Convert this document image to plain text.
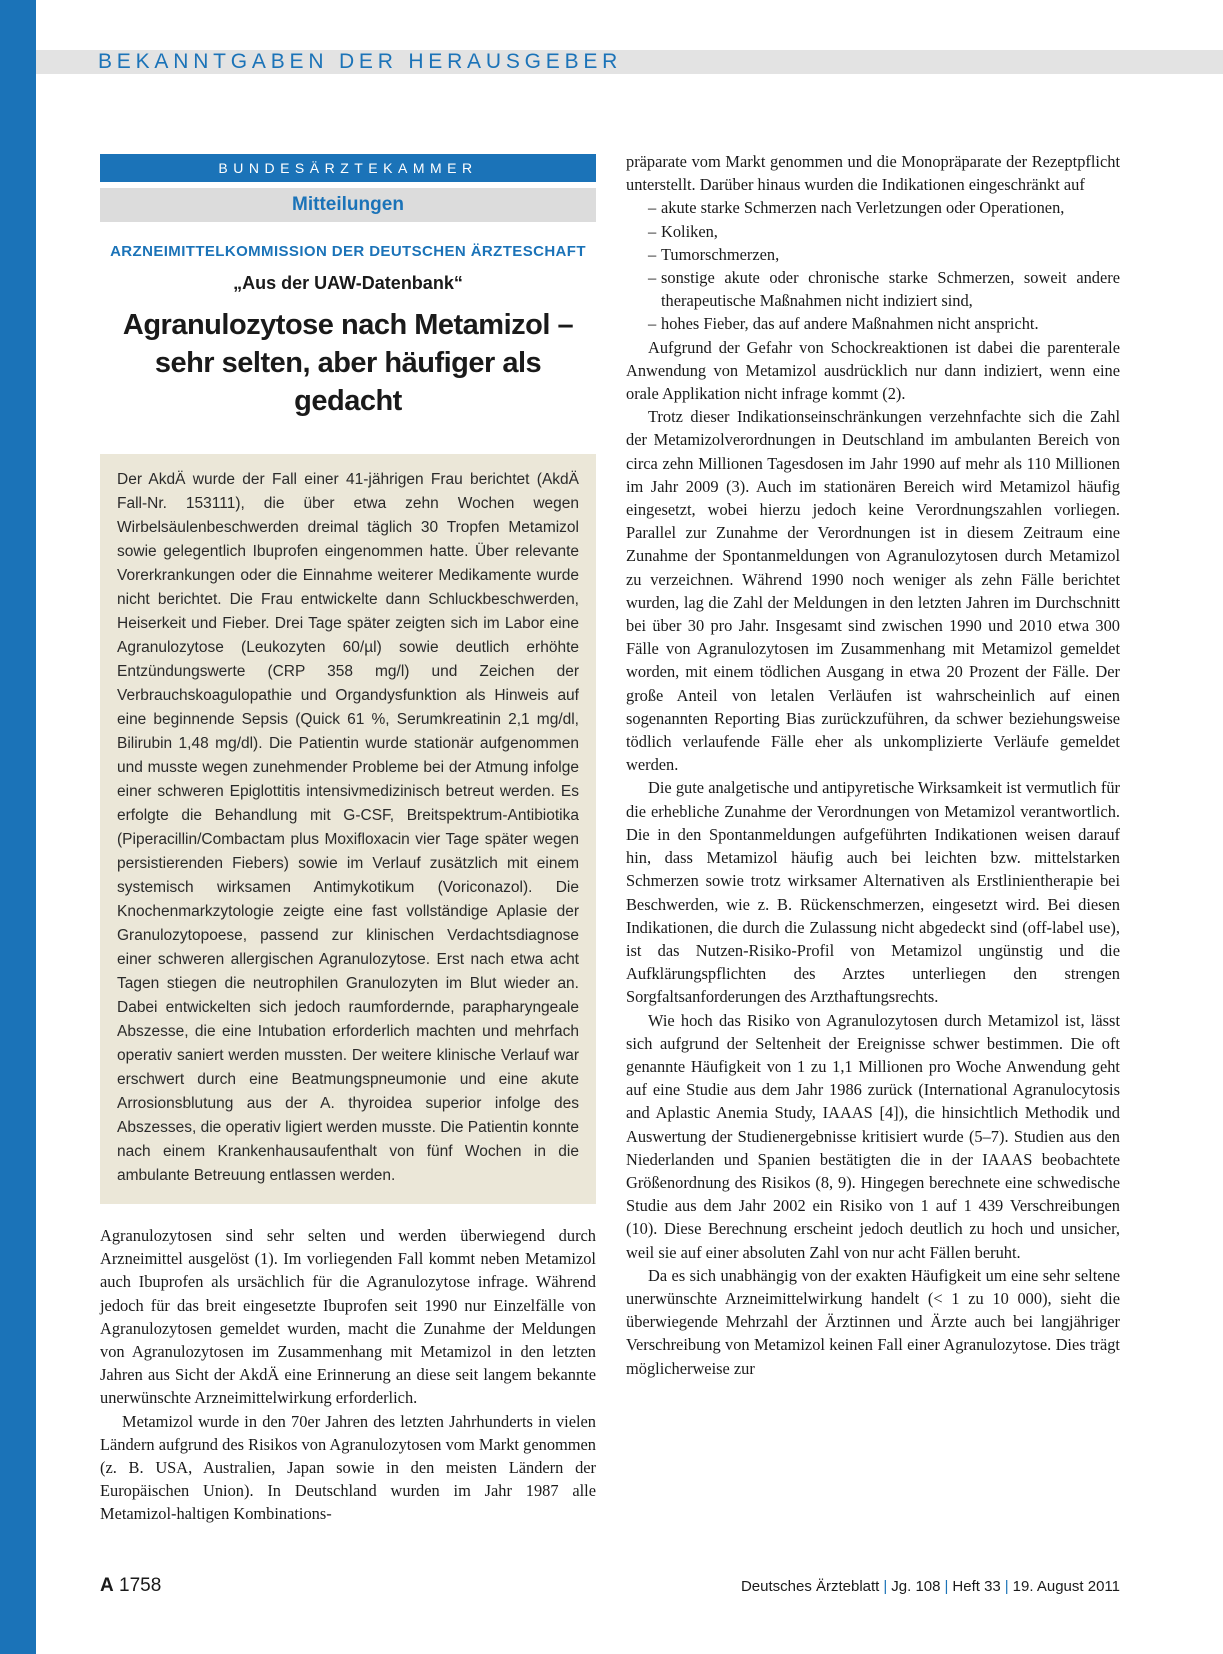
BEKANNTGABEN DER HERAUSGEBER
BUNDESÄRZTEKAMMER
Mitteilungen
ARZNEIMITTELKOMMISSION DER DEUTSCHEN ÄRZTESCHAFT
„Aus der UAW-Datenbank“
Agranulozytose nach Metamizol –
sehr selten, aber häufiger als gedacht
Der AkdÄ wurde der Fall einer 41-jährigen Frau berichtet (AkdÄ Fall-Nr. 153111), die über etwa zehn Wochen wegen Wirbelsäulenbeschwerden dreimal täglich 30 Tropfen Metamizol sowie gelegentlich Ibuprofen eingenommen hatte. Über relevante Vorerkrankungen oder die Einnahme weiterer Medikamente wurde nicht berichtet. Die Frau entwickelte dann Schluckbeschwerden, Heiserkeit und Fieber. Drei Tage später zeigten sich im Labor eine Agranulozytose (Leukozyten 60/µl) sowie deutlich erhöhte Entzündungswerte (CRP 358 mg/l) und Zeichen der Verbrauchskoagulopathie und Organdysfunktion als Hinweis auf eine beginnende Sepsis (Quick 61 %, Serumkreatinin 2,1 mg/dl, Bilirubin 1,48 mg/dl). Die Patientin wurde stationär aufgenommen und musste wegen zunehmender Probleme bei der Atmung infolge einer schweren Epiglottitis intensivmedizinisch betreut werden. Es erfolgte die Behandlung mit G-CSF, Breitspektrum-Antibiotika (Piperacillin/Combactam plus Moxifloxacin vier Tage später wegen persistierenden Fiebers) sowie im Verlauf zusätzlich mit einem systemisch wirksamen Antimykotikum (Voriconazol). Die Knochenmarkzytologie zeigte eine fast vollständige Aplasie der Granulozytopoese, passend zur klinischen Verdachtsdiagnose einer schweren allergischen Agranulozytose. Erst nach etwa acht Tagen stiegen die neutrophilen Granulozyten im Blut wieder an. Dabei entwickelten sich jedoch raumfordernde, parapharyngeale Abszesse, die eine Intubation erforderlich machten und mehrfach operativ saniert werden mussten. Der weitere klinische Verlauf war erschwert durch eine Beatmungspneumonie und eine akute Arrosionsblutung aus der A. thyroidea superior infolge des Abszesses, die operativ ligiert werden musste. Die Patientin konnte nach einem Krankenhausaufenthalt von fünf Wochen in die ambulante Betreuung entlassen werden.

Agranulozytosen sind sehr selten und werden überwiegend durch Arzneimittel ausgelöst (1). Im vorliegenden Fall kommt neben Metamizol auch Ibuprofen als ursächlich für die Agranulozytose infrage. Während jedoch für das breit eingesetzte Ibuprofen seit 1990 nur Einzelfälle von Agranulozytosen gemeldet wurden, macht die Zunahme der Meldungen von Agranulozytosen im Zusammenhang mit Metamizol in den letzten Jahren aus Sicht der AkdÄ eine Erinnerung an diese seit langem bekannte unerwünschte Arzneimittelwirkung erforderlich.

Metamizol wurde in den 70er Jahren des letzten Jahrhunderts in vielen Ländern aufgrund des Risikos von Agranulozytosen vom Markt genommen (z. B. USA, Australien, Japan sowie in den meisten Ländern der Europäischen Union). In Deutschland wurden im Jahr 1987 alle Metamizol-haltigen Kombinations-

präparate vom Markt genommen und die Monopräparate der Rezeptpflicht unterstellt. Darüber hinaus wurden die Indikationen eingeschränkt auf

– akute starke Schmerzen nach Verletzungen oder Operationen,
– Koliken,
– Tumorschmerzen,
– sonstige akute oder chronische starke Schmerzen, soweit andere therapeutische Maßnahmen nicht indiziert sind,
– hohes Fieber, das auf andere Maßnahmen nicht anspricht.

Aufgrund der Gefahr von Schockreaktionen ist dabei die parenterale Anwendung von Metamizol ausdrücklich nur dann indiziert, wenn eine orale Applikation nicht infrage kommt (2).

Trotz dieser Indikationseinschränkungen verzehnfachte sich die Zahl der Metamizolverordnungen in Deutschland im ambulanten Bereich von circa zehn Millionen Tagesdosen im Jahr 1990 auf mehr als 110 Millionen im Jahr 2009 (3). Auch im stationären Bereich wird Metamizol häufig eingesetzt, wobei hierzu jedoch keine Verordnungszahlen vorliegen. Parallel zur Zunahme der Verordnungen ist in diesem Zeitraum eine Zunahme der Spontanmeldungen von Agranulozytosen durch Metamizol zu verzeichnen. Während 1990 noch weniger als zehn Fälle berichtet wurden, lag die Zahl der Meldungen in den letzten Jahren im Durchschnitt bei über 30 pro Jahr. Insgesamt sind zwischen 1990 und 2010 etwa 300 Fälle von Agranulozytosen im Zusammenhang mit Metamizol gemeldet worden, mit einem tödlichen Ausgang in etwa 20 Prozent der Fälle. Der große Anteil von letalen Verläufen ist wahrscheinlich auf einen sogenannten Reporting Bias zurückzuführen, da schwer beziehungsweise tödlich verlaufende Fälle eher als unkomplizierte Verläufe gemeldet werden.

Die gute analgetische und antipyretische Wirksamkeit ist vermutlich für die erhebliche Zunahme der Verordnungen von Metamizol verantwortlich. Die in den Spontanmeldungen aufgeführten Indikationen weisen darauf hin, dass Metamizol häufig auch bei leichten bzw. mittelstarken Schmerzen sowie trotz wirksamer Alternativen als Erstlinientherapie bei Beschwerden, wie z. B. Rückenschmerzen, eingesetzt wird. Bei diesen Indikationen, die durch die Zulassung nicht abgedeckt sind (off-label use), ist das Nutzen-Risiko-Profil von Metamizol ungünstig und die Aufklärungspflichten des Arztes unterliegen den strengen Sorgfaltsanforderungen des Arzthaftungsrechts.

Wie hoch das Risiko von Agranulozytosen durch Metamizol ist, lässt sich aufgrund der Seltenheit der Ereignisse schwer bestimmen. Die oft genannte Häufigkeit von 1 zu 1,1 Millionen pro Woche Anwendung geht auf eine Studie aus dem Jahr 1986 zurück (International Agranulocytosis and Aplastic Anemia Study, IAAAS [4]), die hinsichtlich Methodik und Auswertung der Studienergebnisse kritisiert wurde (5–7). Studien aus den Niederlanden und Spanien bestätigten die in der IAAAS beobachtete Größenordnung des Risikos (8, 9). Hingegen berechnete eine schwedische Studie aus dem Jahr 2002 ein Risiko von 1 auf 1 439 Verschreibungen (10). Diese Berechnung erscheint jedoch deutlich zu hoch und unsicher, weil sie auf einer absoluten Zahl von nur acht Fällen beruht.

Da es sich unabhängig von der exakten Häufigkeit um eine sehr seltene unerwünschte Arzneimittelwirkung handelt (< 1 zu 10 000), sieht die überwiegende Mehrzahl der Ärztinnen und Ärzte auch bei langjähriger Verschreibung von Metamizol keinen Fall einer Agranulozytose. Dies trägt möglicherweise zur

A 1758	Deutsches Ärzteblatt | Jg. 108 | Heft 33 | 19. August 2011
